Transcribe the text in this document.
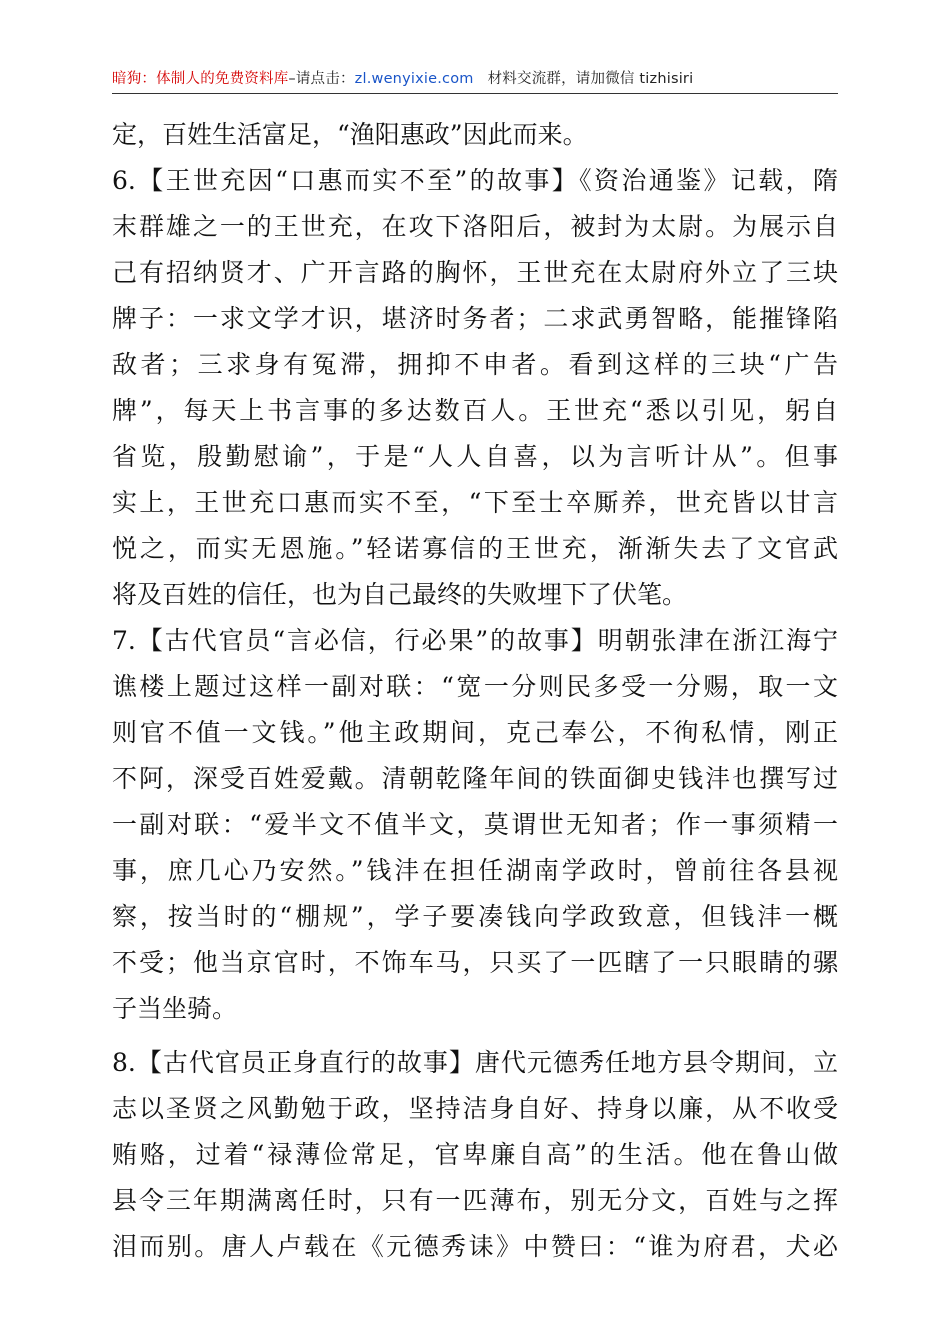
暗狗：体制人的免费资料库–请点击：zl.wenyixie.com 材料交流群，请加微信 tizhisiri
定，百姓生活富足，“渔阳惠政”因此而来。
6.【王世充因“口惠而实不至”的故事】《资治通鉴》记载，隋
末群雄之一的王世充，在攻下洛阳后，被封为太尉。为展示自
己有招纳贤才、广开言路的胸怀，王世充在太尉府外立了三块
牌子：一求文学才识，堪济时务者；二求武勇智略，能摧锋陷
敌者；三求身有冤滞，拥抑不申者。看到这样的三块“广告
牌”，每天上书言事的多达数百人。王世充“悉以引见，躬自
省览，殷勤慰谕”，于是“人人自喜，以为言听计从”。但事
实上，王世充口惠而实不至，“下至士卒厮养，世充皆以甘言
悦之，而实无恩施。”轻诺寡信的王世充，渐渐失去了文官武
将及百姓的信任，也为自己最终的失败埋下了伏笔。
7.【古代官员“言必信，行必果”的故事】明朝张津在浙江海宁
谯楼上题过这样一副对联：“宽一分则民多受一分赐，取一文
则官不值一文钱。”他主政期间，克己奉公，不徇私情，刚正
不阿，深受百姓爱戴。清朝乾隆年间的铁面御史钱沣也撰写过
一副对联：“爱半文不值半文，莫谓世无知者；作一事须精一
事，庶几心乃安然。”钱沣在担任湖南学政时，曾前往各县视
察，按当时的“棚规”，学子要凑钱向学政致意，但钱沣一概
不受；他当京官时，不饰车马，只买了一匹瞎了一只眼睛的骡
子当坐骑。
8.【古代官员正身直行的故事】唐代元德秀任地方县令期间，立
志以圣贤之风勤勉于政，坚持洁身自好、持身以廉，从不收受
贿赂，过着“禄薄俭常足，官卑廉自高”的生活。他在鲁山做
县令三年期满离任时，只有一匹薄布，别无分文，百姓与之挥
泪而别。唐人卢载在《元德秀诔》中赞曰：“谁为府君，犬必
